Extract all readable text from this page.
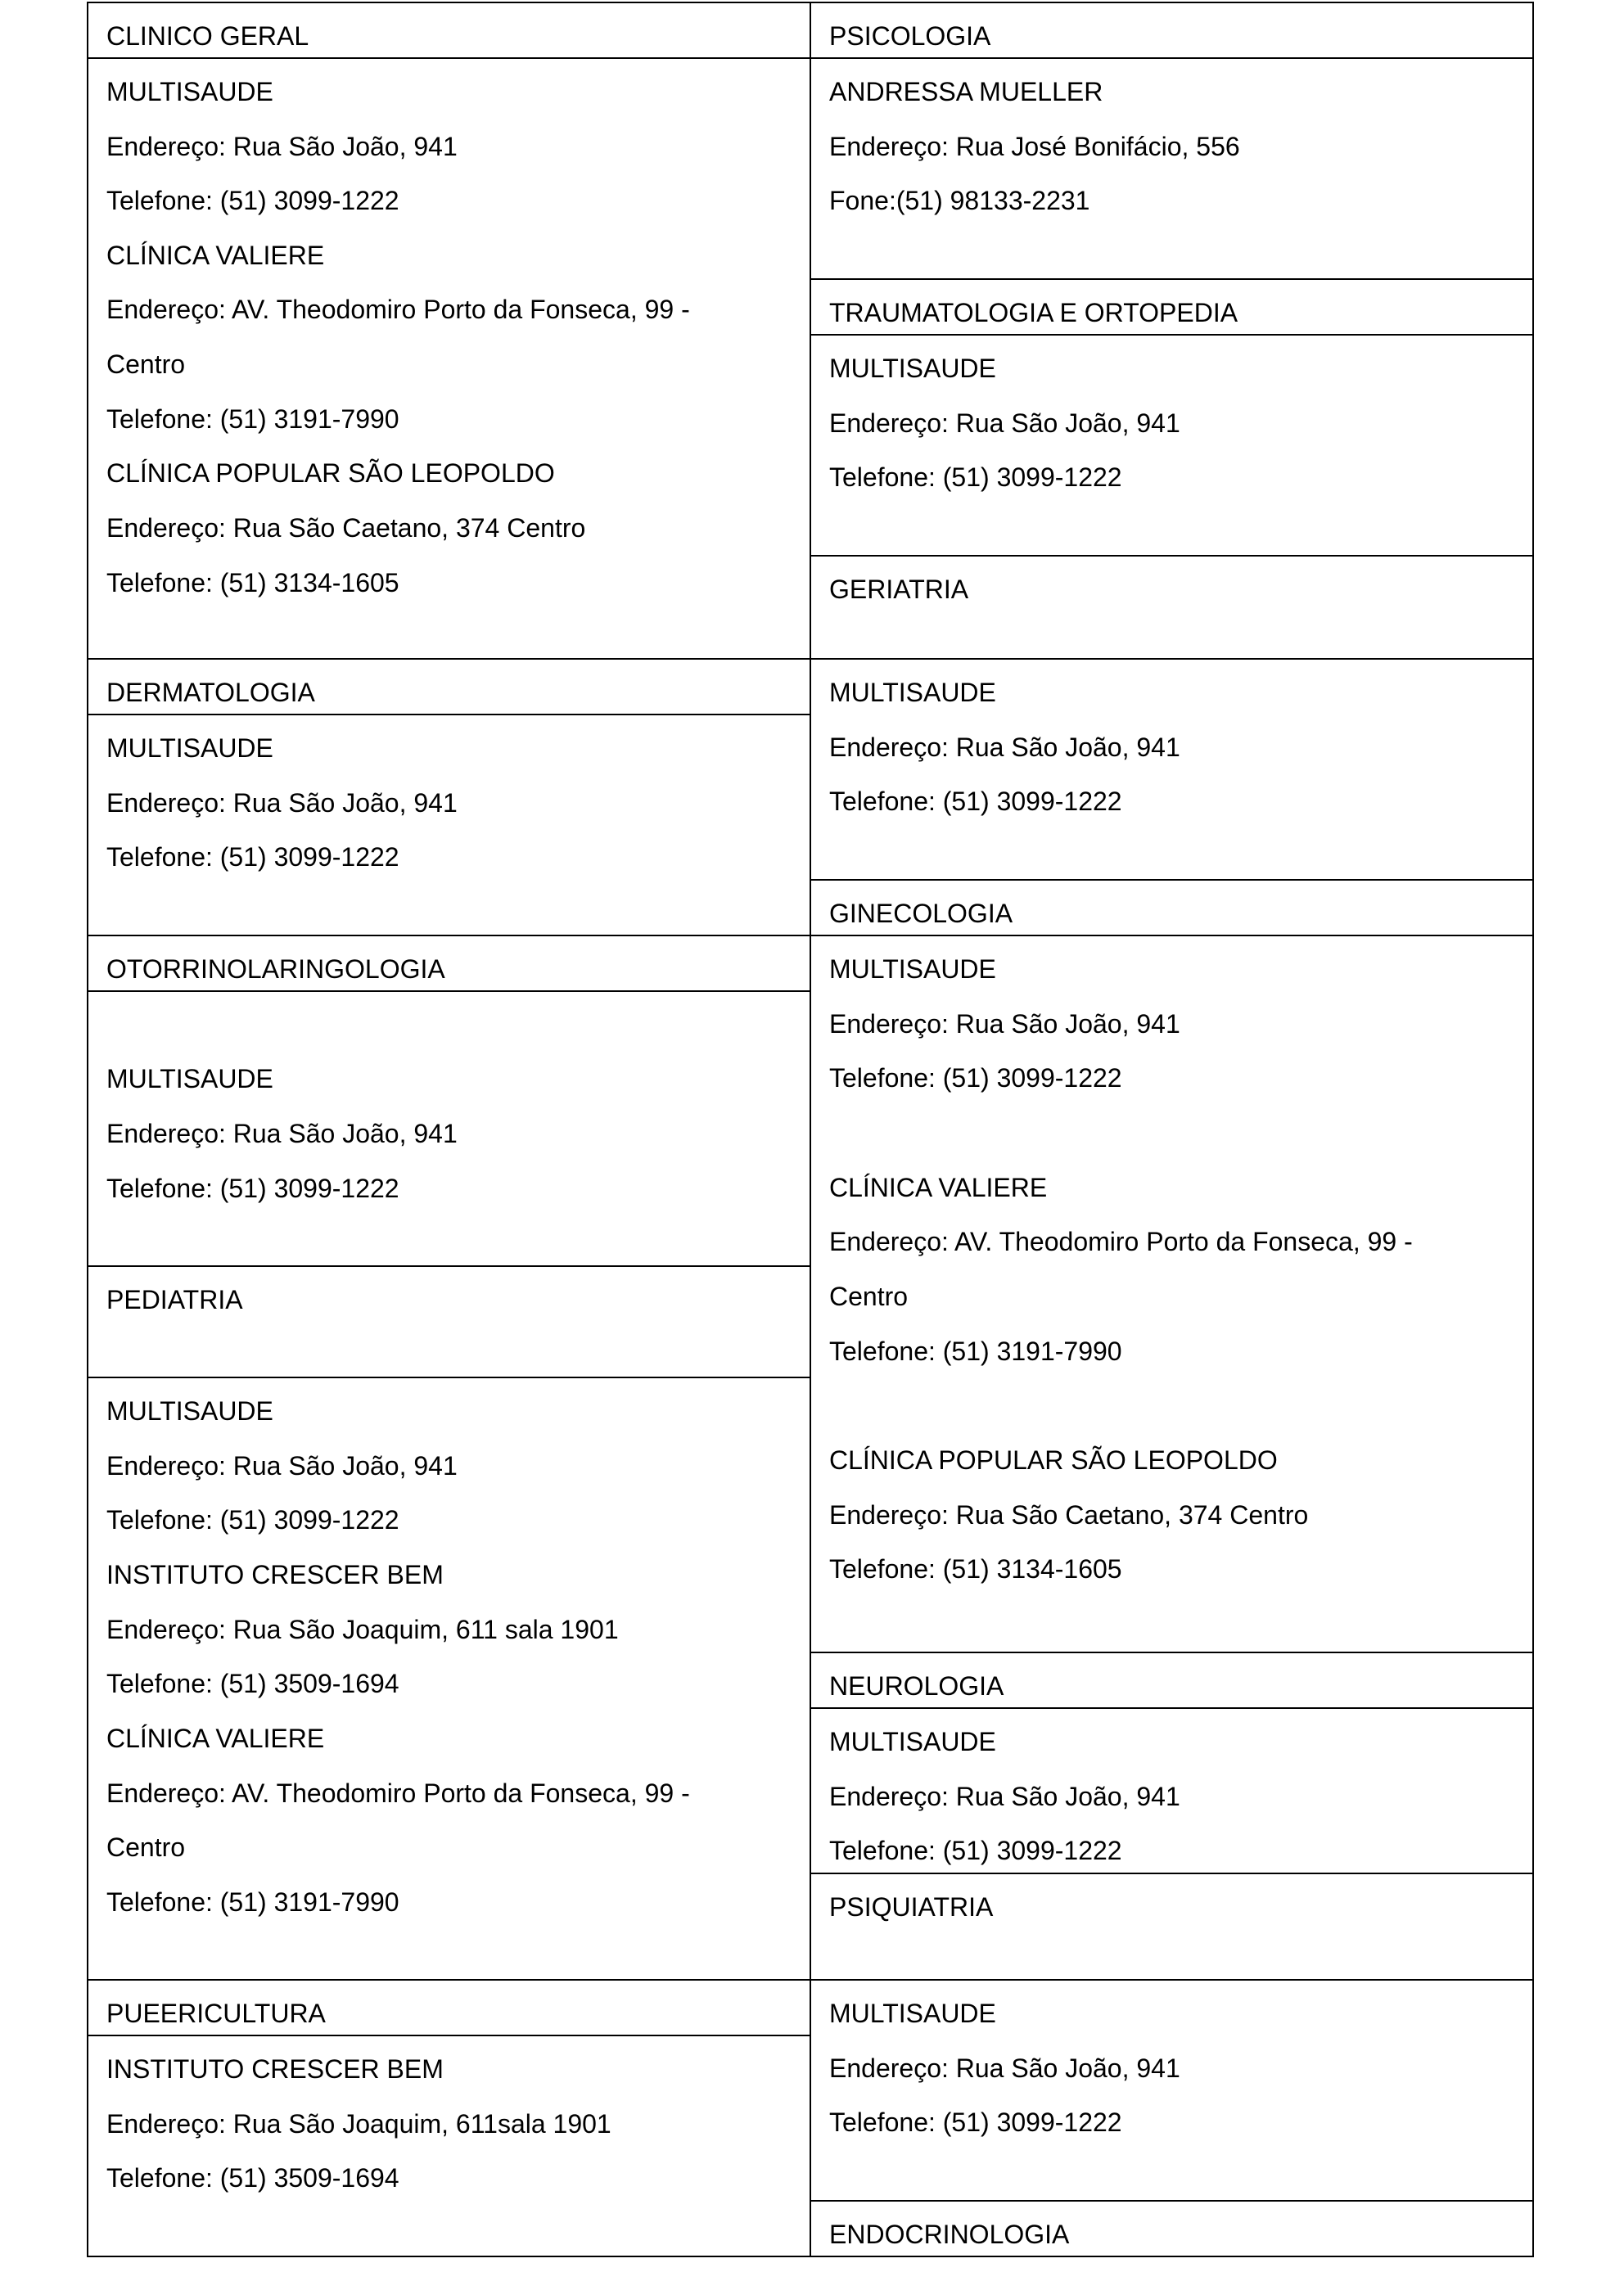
CLINICO GERAL
MULTISAUDE
Endereço: Rua São João, 941
Telefone: (51) 3099-1222
CLÍNICA VALIERE
Endereço: AV. Theodomiro Porto da Fonseca, 99 -
Centro
Telefone: (51) 3191-7990
CLÍNICA POPULAR SÃO LEOPOLDO
Endereço: Rua São Caetano, 374 Centro
Telefone: (51) 3134-1605
DERMATOLOGIA
MULTISAUDE
Endereço: Rua São João, 941
Telefone: (51) 3099-1222
OTORRINOLARINGOLOGIA
MULTISAUDE
Endereço: Rua São João, 941
Telefone: (51) 3099-1222
PEDIATRIA
MULTISAUDE
Endereço: Rua São João, 941
Telefone: (51) 3099-1222
INSTITUTO CRESCER BEM
Endereço: Rua São Joaquim, 611 sala 1901
Telefone: (51) 3509-1694
CLÍNICA VALIERE
Endereço: AV. Theodomiro Porto da Fonseca, 99 -
Centro
Telefone: (51) 3191-7990
PUEERICULTURA
INSTITUTO CRESCER BEM
Endereço: Rua São Joaquim, 611sala 1901
Telefone: (51) 3509-1694
PSICOLOGIA
ANDRESSA MUELLER
Endereço: Rua José Bonifácio, 556
Fone:(51) 98133-2231
TRAUMATOLOGIA E ORTOPEDIA
MULTISAUDE
Endereço: Rua São João, 941
Telefone: (51) 3099-1222
GERIATRIA
MULTISAUDE
Endereço: Rua São João, 941
Telefone: (51) 3099-1222
GINECOLOGIA
MULTISAUDE
Endereço: Rua São João, 941
Telefone: (51) 3099-1222
CLÍNICA VALIERE
Endereço: AV. Theodomiro Porto da Fonseca, 99 -
Centro
Telefone: (51) 3191-7990
CLÍNICA POPULAR SÃO LEOPOLDO
Endereço: Rua São Caetano, 374 Centro
Telefone: (51) 3134-1605
NEUROLOGIA
MULTISAUDE
Endereço: Rua São João, 941
Telefone: (51) 3099-1222
PSIQUIATRIA
MULTISAUDE
Endereço: Rua São João, 941
Telefone: (51) 3099-1222
ENDOCRINOLOGIA
